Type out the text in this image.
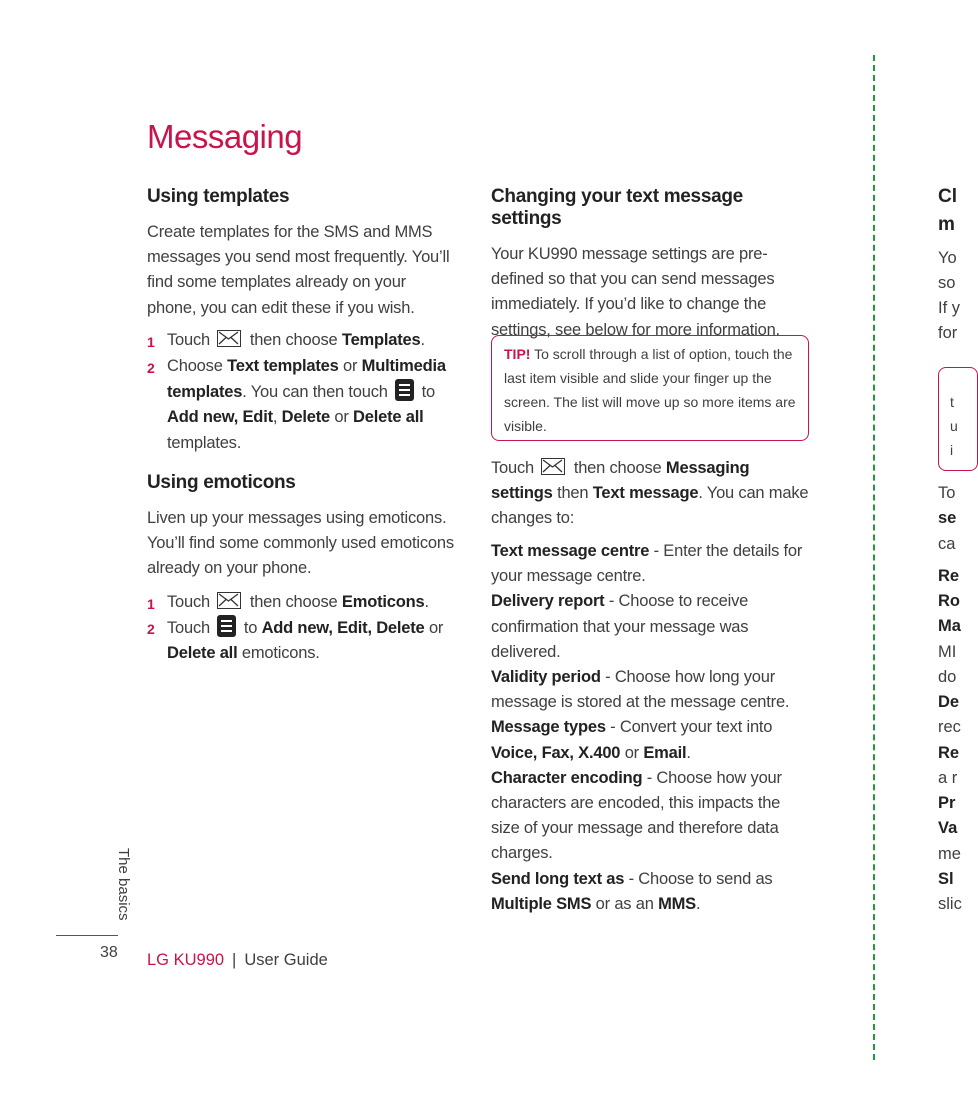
Messaging
Using templates

Create templates for the SMS and MMS messages you send most frequently. You’ll find some templates already on your phone, you can edit these if you wish.

1 Touch then choose Templates.
2 Choose Text templates or Multimedia templates. You can then touch to Add new, Edit, Delete or Delete all templates.
Using emoticons

Liven up your messages using emoticons. You’ll find some commonly used emoticons already on your phone.

1 Touch then choose Emoticons.
2 Touch to Add new, Edit, Delete or Delete all emoticons.
Changing your text message settings

Your KU990 message settings are pre-defined so that you can send messages immediately. If you’d like to change the settings, see below for more information.

TIP! To scroll through a list of option, touch the last item visible and slide your finger up the screen. The list will move up so more items are visible.
Touch then choose Messaging settings then Text message. You can make changes to:

Text message centre - Enter the details for your message centre.

Delivery report - Choose to receive confirmation that your message was delivered.

Validity period - Choose how long your message is stored at the message centre.

Message types - Convert your text into Voice, Fax, X.400 or Email.

Character encoding - Choose how your characters are encoded, this impacts the size of your message and therefore data charges.

Send long text as - Choose to send as Multiple SMS or as an MMS.

Cl
m
Yo
so
If y
for
t
u
i
To
se
ca
Re
Ro
Ma
MI
do
De
rec
Re
a r
Pr
Va
me
Sl
slic
The basics
38 LG KU990 | User Guide
